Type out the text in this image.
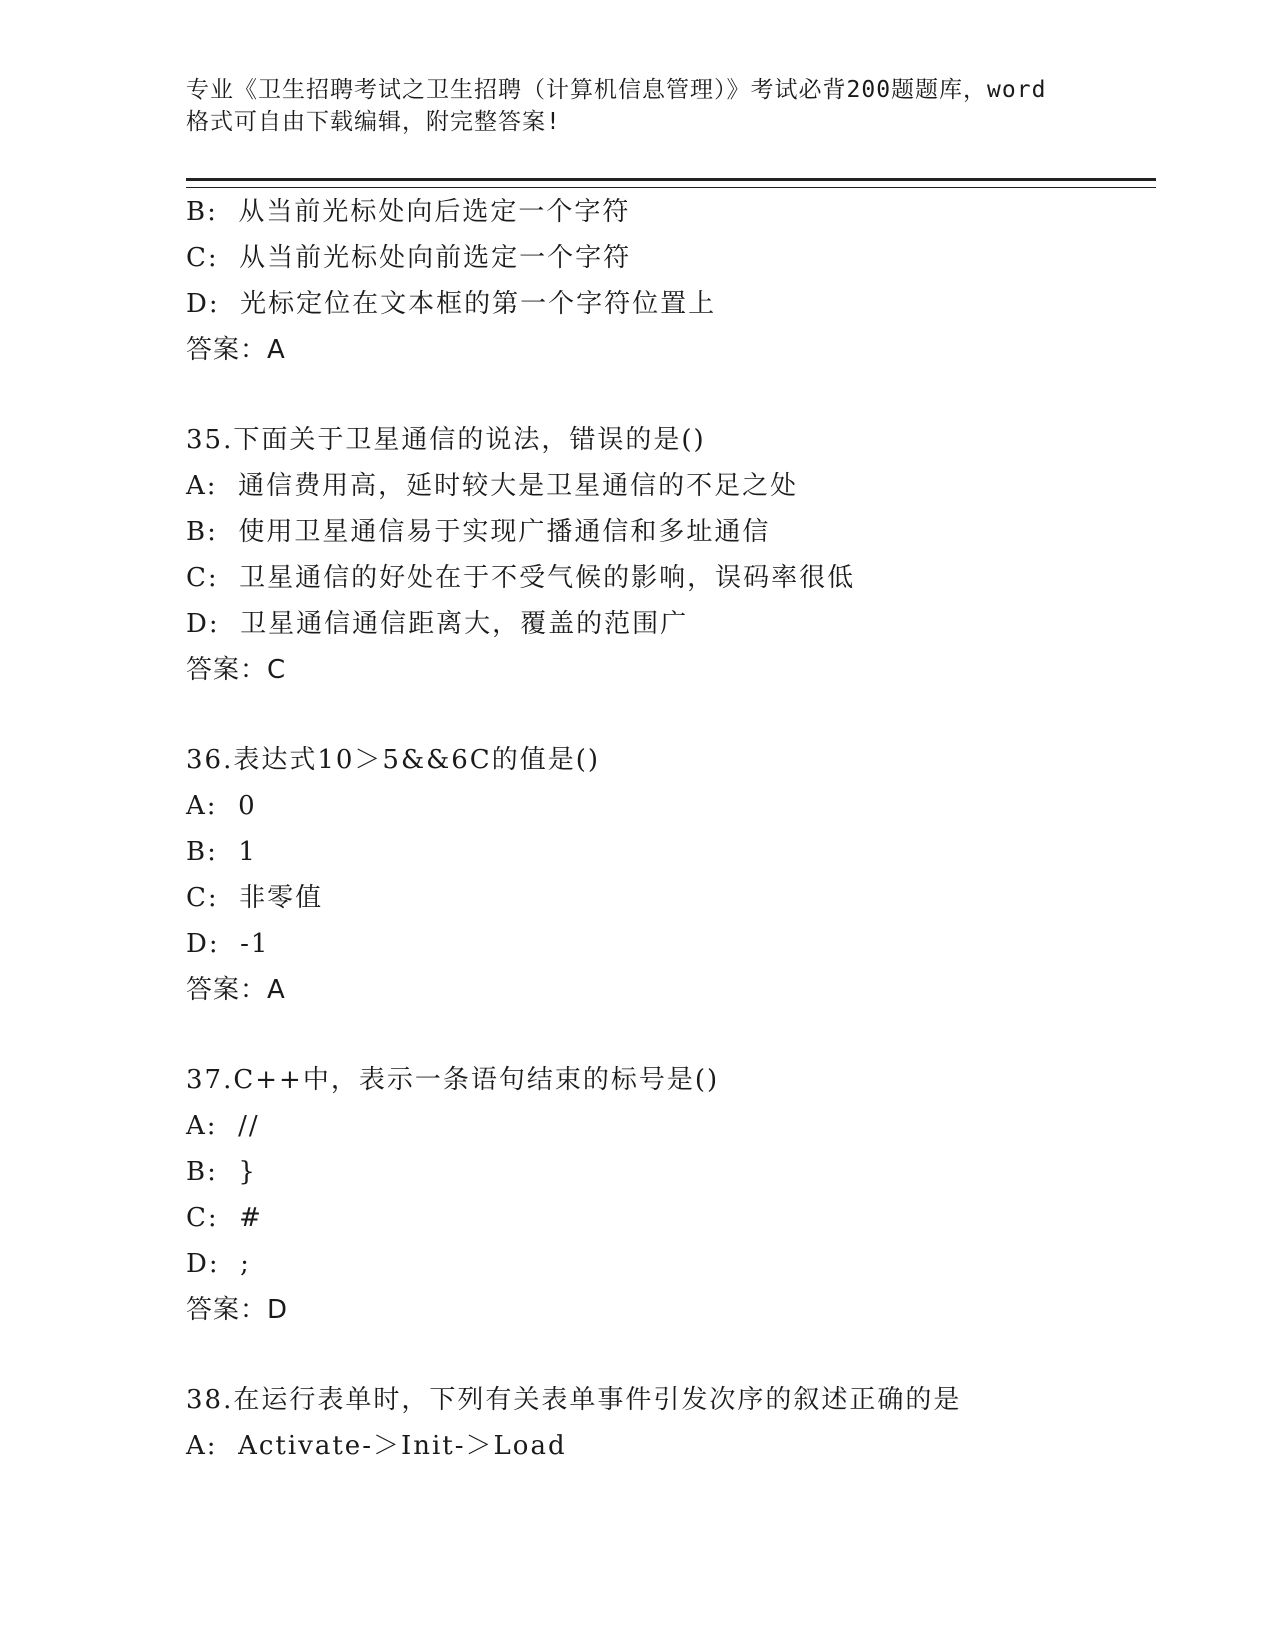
专业《卫生招聘考试之卫生招聘（计算机信息管理）》考试必背200题题库，word
格式可自由下载编辑，附完整答案!
B:  从当前光标处向后选定一个字符
C:  从当前光标处向前选定一个字符
D:  光标定位在文本框的第一个字符位置上
答案：A
35.下面关于卫星通信的说法，错误的是()
A:  通信费用高，延时较大是卫星通信的不足之处
B:  使用卫星通信易于实现广播通信和多址通信
C:  卫星通信的好处在于不受气候的影响，误码率很低
D:  卫星通信通信距离大，覆盖的范围广
答案：C
36.表达式10＞5&&6C的值是()
A:  0
B:  1
C:  非零值
D:  -1
答案：A
37.C++中，表示一条语句结束的标号是()
A:  //
B:  }
C:  #
D:  ;
答案：D
38.在运行表单时，下列有关表单事件引发次序的叙述正确的是
A:  Activate-＞Init-＞Load
